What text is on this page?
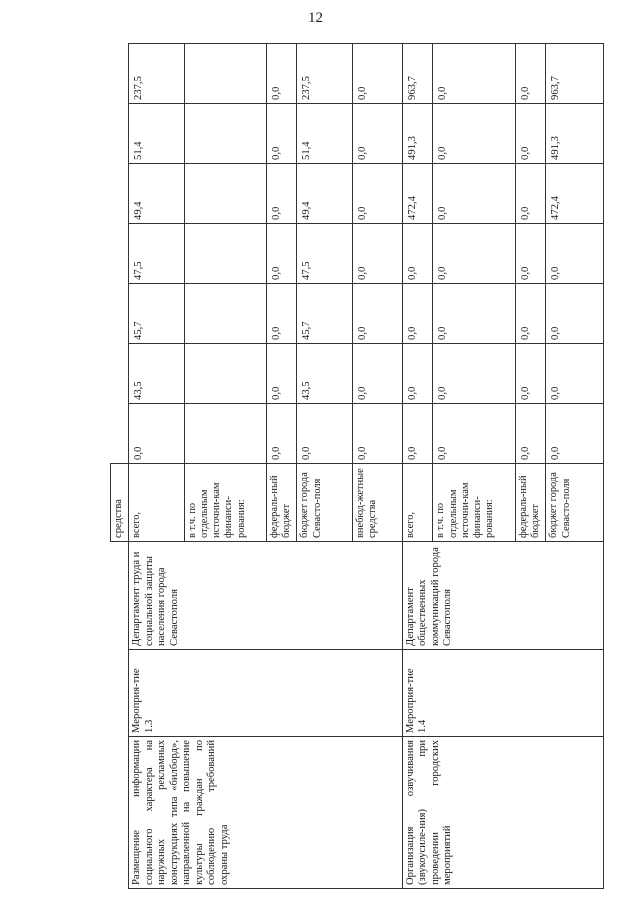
12
			средства							
Размещение информации социального характера на наружных рекламных конструкциях типа «билборд», направленной на повышение культуры граждан по соблюдению требований охраны труда	Мероприя-тие 1.3	Департамент труда и социальной защиты населения города Севастополя	всего,	0,0	43,5	45,7	47,5	49,4	51,4	237,5
			в т.ч. по отдельным источни-кам финанси-рования:							
			федераль-ный бюджет	0,0	0,0	0,0	0,0	0,0	0,0	0,0
			бюджет города Севасто-поля	0,0	43,5	45,7	47,5	49,4	51,4	237,5
			внебюд-жетные средства	0,0	0,0	0,0	0,0	0,0	0,0	0,0
Организация озвучивания (звукоусиле-ния) при проведении городских мероприятий	Мероприя-тие 1.4	Департамент общественных коммуникаций города Севастополя	всего,	0,0	0,0	0,0	0,0	472,4	491,3	963,7
			в т.ч. по отдельным источни-кам финанси-рования:	0,0	0,0	0,0	0,0	0,0	0,0	0,0
			федераль-ный бюджет	0,0	0,0	0,0	0,0	0,0	0,0	0,0
			бюджет города Севасто-поля	0,0	0,0	0,0	0,0	472,4	491,3	963,7
